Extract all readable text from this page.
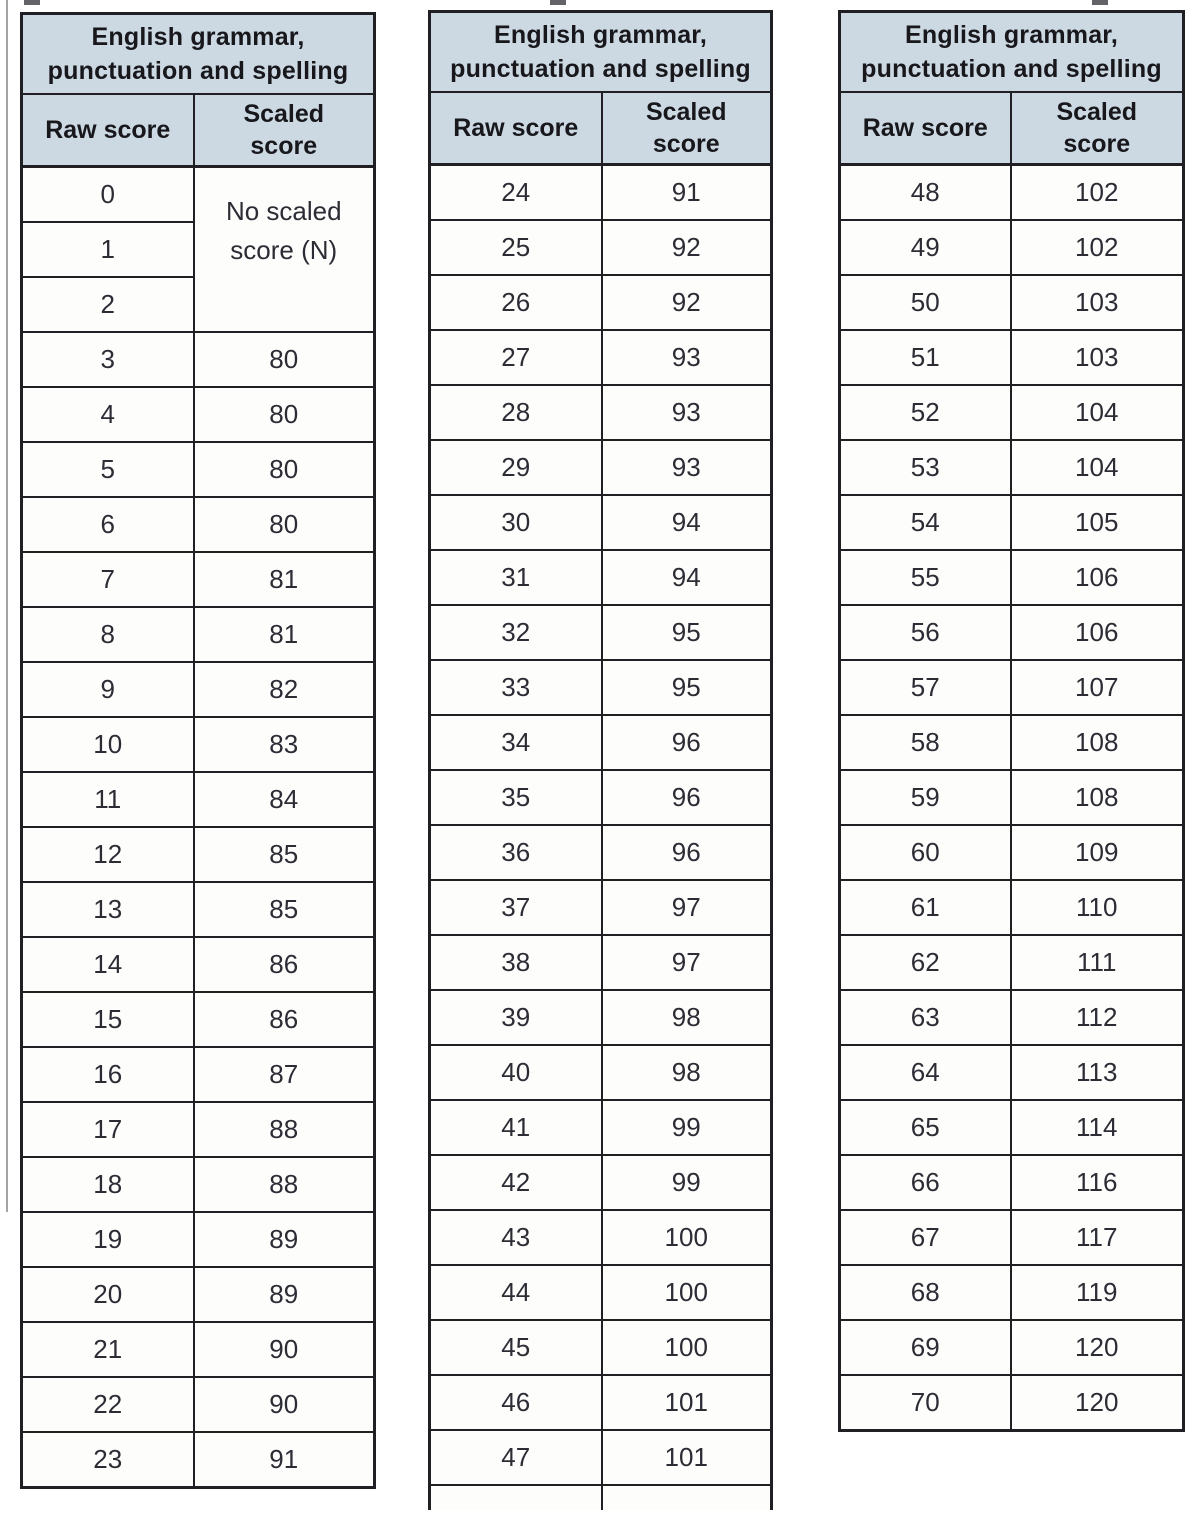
English grammar,
punctuation and spelling	

Raw score	Scaled
score

0	No scaled
score (N)

1	
2	
3	80
4	80
5	80
6	80
7	81
8	81
9	82
10	83
11	84
12	85
13	85
14	86
15	86
16	87
17	88
18	88
19	89
20	89
21	90
22	90
23	91
English grammar,
punctuation and spelling	

Raw score	Scaled
score

24	91
25	92
26	92
27	93
28	93
29	93
30	94
31	94
32	95
33	95
34	96
35	96
36	96
37	97
38	97
39	98
40	98
41	99
42	99
43	100
44	100
45	100
46	101
47	101

English grammar,
punctuation and spelling	

Raw score	Scaled
score

48	102
49	102
50	103
51	103
52	104
53	104
54	105
55	106
56	106
57	107
58	108
59	108
60	109
61	110
62	111
63	112
64	113
65	114
66	116
67	117
68	119
69	120
70	120
